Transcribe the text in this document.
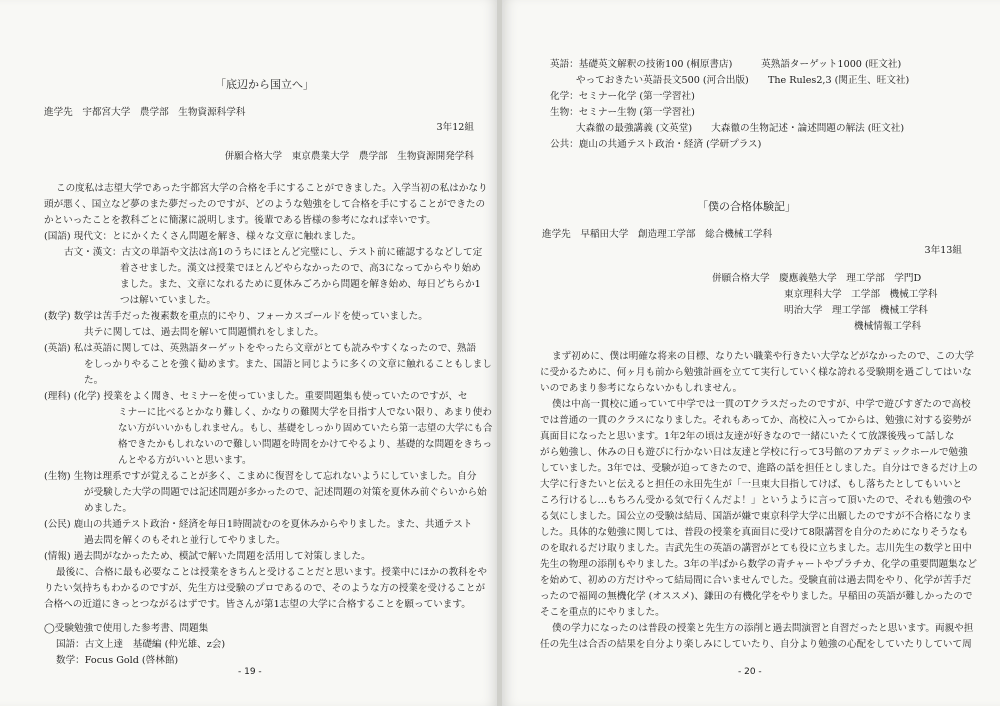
「底辺から国立へ」
進学先　宇都宮大学　農学部　生物資源科学科
3年12組
併願合格大学　東京農業大学　農学部　生物資源開発学科
この度私は志望大学であった宇都宮大学の合格を手にすることができました。入学当初の私はかなり
頭が悪く、国立など夢のまた夢だったのですが、どのような勉強をして合格を手にすることができたの
かといったことを教科ごとに簡潔に説明します。後輩である皆様の参考になれば幸いです。
(国語) 現代文：とにかくたくさん問題を解き、様々な文章に触れました。
古文・漢文：古文の単語や文法は高1のうちにほとんど完璧にし、テスト前に確認するなどして定
着させました。漢文は授業でほとんどやらなかったので、高3になってからやり始め
ました。また、文章になれるために夏休みごろから問題を解き始め、毎日どちらか1
つは解いていました。
(数学) 数学は苦手だった複素数を重点的にやり、フォーカスゴールドを使っていました。
共テに関しては、過去問を解いて問題慣れをしました。
(英語) 私は英語に関しては、英熟語ターゲットをやったら文章がとても読みやすくなったので、熟語
をしっかりやることを強く勧めます。また、国語と同じように多くの文章に触れることもしまし
た。
(理科) (化学) 授業をよく聞き、セミナーを使っていました。重要問題集も使っていたのですが、セ
ミナーに比べるとかなり難しく、かなりの難関大学を目指す人でない限り、あまり使わ
ない方がいいかもしれません。もし、基礎をしっかり固めていたら第一志望の大学にも合
格できたかもしれないので難しい問題を時間をかけてやるより、基礎的な問題をきちっ
んとやる方がいいと思います。
(生物) 生物は理系ですが覚えることが多く、こまめに復習をして忘れないようにしていました。自分
が受験した大学の問題では記述問題が多かったので、記述問題の対策を夏休み前ぐらいから始
めました。
(公民) 鹿山の共通テスト政治・経済を毎日1時間読むのを夏休みからやりました。また、共通テスト
過去問を解くのもそれと並行してやりました。
(情報) 過去問がなかったため、模試で解いた問題を活用して対策しました。
最後に、合格に最も必要なことは授業をきちんと受けることだと思います。授業中にほかの教科をや
りたい気持ちもわかるのですが、先生方は受験のプロであるので、そのような方の授業を受けることが
合格への近道にきっとつながるはずです。皆さんが第1志望の大学に合格することを願っています。
◯受験勉強で使用した参考書、問題集
国語：古文上達　基礎編 (仲光雄、z会)
数学：Focus Gold (啓林館)
- 19 -
英語：基礎英文解釈の技術100 (桐原書店)　　　英熟語ターゲット1000 (旺文社)
やっておきたい英語長文500 (河合出版)　　The Rules2,3 (関正生、旺文社)
化学：セミナー化学 (第一学習社)
生物：セミナー生物 (第一学習社)
大森徹の最強講義 (文英堂)　　大森徹の生物記述・論述問題の解法 (旺文社)
公共：鹿山の共通テスト政治・経済 (学研プラス)
「僕の合格体験記」
進学先　早稲田大学　創造理工学部　総合機械工学科
3年13組
併願合格大学　慶應義塾大学　理工学部　学門D
東京理科大学　工学部　機械工学科
明治大学　理工学部　機械工学科
機械情報工学科
まず初めに、僕は明確な将来の目標、なりたい職業や行きたい大学などがなかったので、この大学
に受かるために、何ヶ月も前から勉強計画を立てて実行していく様な誇れる受験期を過ごしてはいな
いのであまり参考にならないかもしれません。
僕は中高一貫校に通っていて中学では一貫のTクラスだったのですが、中学で遊びすぎたので高校
では普通の一貫のクラスになりました。それもあってか、高校に入ってからは、勉強に対する姿勢が
真面目になったと思います。1年2年の頃は友達が好きなので一緒にいたくて放課後残って話しな
がら勉強し、休みの日も遊びに行かない日は友達と学校に行って3号館のアカデミックホールで勉強
していました。3年では、受験が迫ってきたので、進路の話を担任としました。自分はできるだけ上の
大学に行きたいと伝えると担任の永田先生が「一旦東大目指してけば、もし落ちたとしてもいいと
ころ行けるし…もちろん受かる気で行くんだよ！」というように言って頂いたので、それも勉強のや
る気にしました。国公立の受験は結局、国語が嫌で東京科学大学に出願したのですが不合格になりま
した。具体的な勉強に関しては、普段の授業を真面目に受けて8限講習を自分のためになりそうなも
のを取れるだけ取りました。吉武先生の英語の講習がとても役に立ちました。志川先生の数学と田中
先生の物理の添削もやりました。3年の半ばから数学の青チャートやプラチカ、化学の重要問題集など
を始めて、初めの方だけやって結局間に合いませんでした。受験直前は過去問をやり、化学が苦手だ
ったので福岡の無機化学 (オススメ)、鎌田の有機化学をやりました。早稲田の英語が難しかったので
そこを重点的にやりました。
僕の学力になったのは普段の授業と先生方の添削と過去問演習と自習だったと思います。両親や担
任の先生は合否の結果を自分より楽しみにしていたり、自分より勉強の心配をしていたりしていて周
- 20 -
